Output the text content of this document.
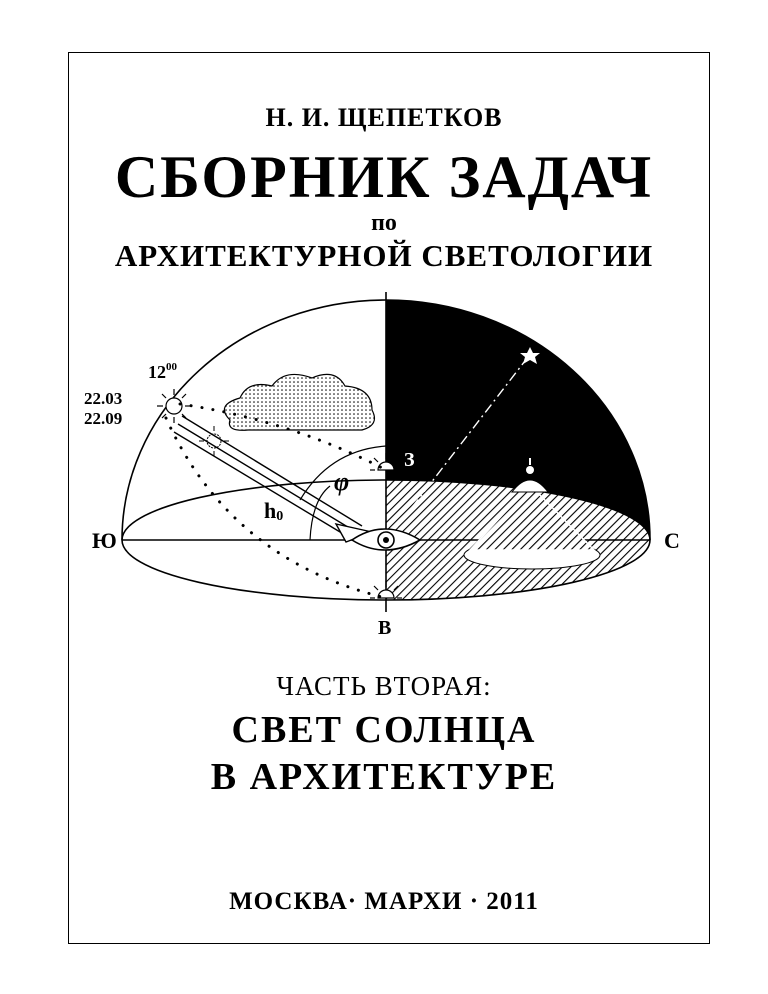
Н. И. ЩЕПЕТКОВ
СБОРНИК ЗАДАЧ
по
АРХИТЕКТУРНОЙ СВЕТОЛОГИИ
$12^{00}$
22.03
22.09
Ю	С
В
З
φ
h0
ЧАСТЬ ВТОРАЯ:
СВЕТ СОЛНЦА
В АРХИТЕКТУРЕ
МОСКВА· МАРХИ · 2011
